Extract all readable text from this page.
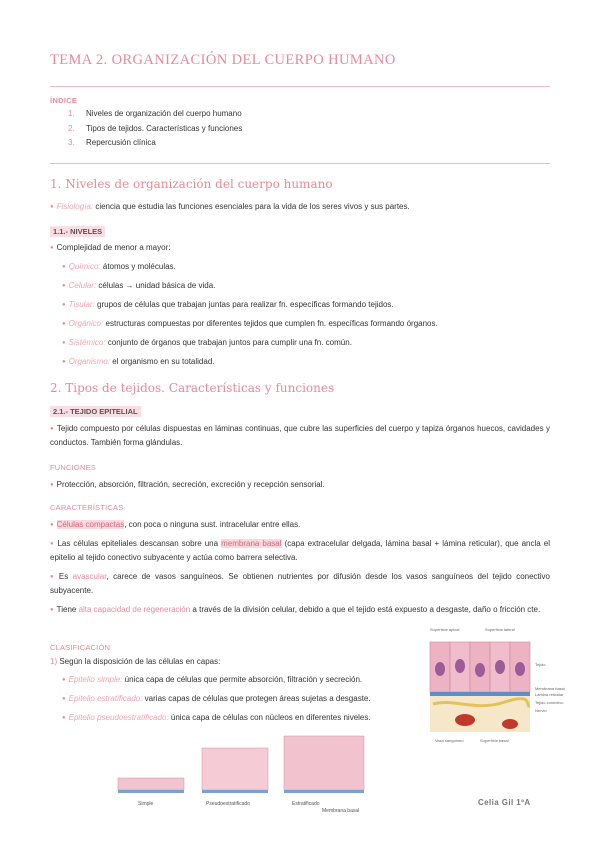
TEMA 2. ORGANIZACIÓN DEL CUERPO HUMANO
ÍNDICE
1.	Niveles de organización del cuerpo humano
2.	Tipos de tejidos. Características y funciones
3.	Repercusión clínica
1. Niveles de organización del cuerpo humano
● Fisiología: ciencia que estudia las funciones esenciales para la vida de los seres vivos y sus partes.
1.1.- NIVELES
● Complejidad de menor a mayor:
● Químico: átomos y moléculas.
● Celular: células → unidad básica de vida.
● Tisular: grupos de células que trabajan juntas para realizar fn. específicas formando tejidos.
● Orgánico: estructuras compuestas por diferentes tejidos que cumplen fn. específicas formando órganos.
● Sistémico: conjunto de órganos que trabajan juntos para cumplir una fn. común.
● Organismo: el organismo en su totalidad.
2. Tipos de tejidos. Características y funciones
2.1.- TEJIDO EPITELIAL
● Tejido compuesto por células dispuestas en láminas continuas, que cubre las superficies del cuerpo y tapiza órganos huecos, cavidades y conductos. También forma glándulas.
FUNCIONES
● Protección, absorción, filtración, secreción, excreción y recepción sensorial.
CARACTERÍSTICAS
● Células compactas, con poca o ninguna sust. intracelular entre ellas.
● Las células epiteliales descansan sobre una membrana basal (capa extracelular delgada, lámina basal + lámina reticular), que ancla el epitelio al tejido conectivo subyacente y actúa como barrera selectiva.
● Es avascular, carece de vasos sanguíneos. Se obtienen nutrientes por difusión desde los vasos sanguíneos del tejido conectivo subyacente.
● Tiene alta capacidad de regeneración a través de la división celular, debido a que el tejido está expuesto a desgaste, daño o fricción cte.
CLASIFICACIÓN
1) Según la disposición de las células en capas:
● Epitelio simple: única capa de células que permite absorción, filtración y secreción.
● Epitelio estratificado: varias capas de células que protegen áreas sujetas a desgaste.
● Epitelio pseudoestratificado: única capa de células con núcleos en diferentes niveles.
Superficie apical	Superficie lateral
Tejido
Membrana basal
Lámina reticular
Tejido conectivo
Nervio
Vaso sanguíneo	Superficie basal
Simple	Pseudoestratificado	Estratificado
Membrana basal
Celia Gil 1ºA
